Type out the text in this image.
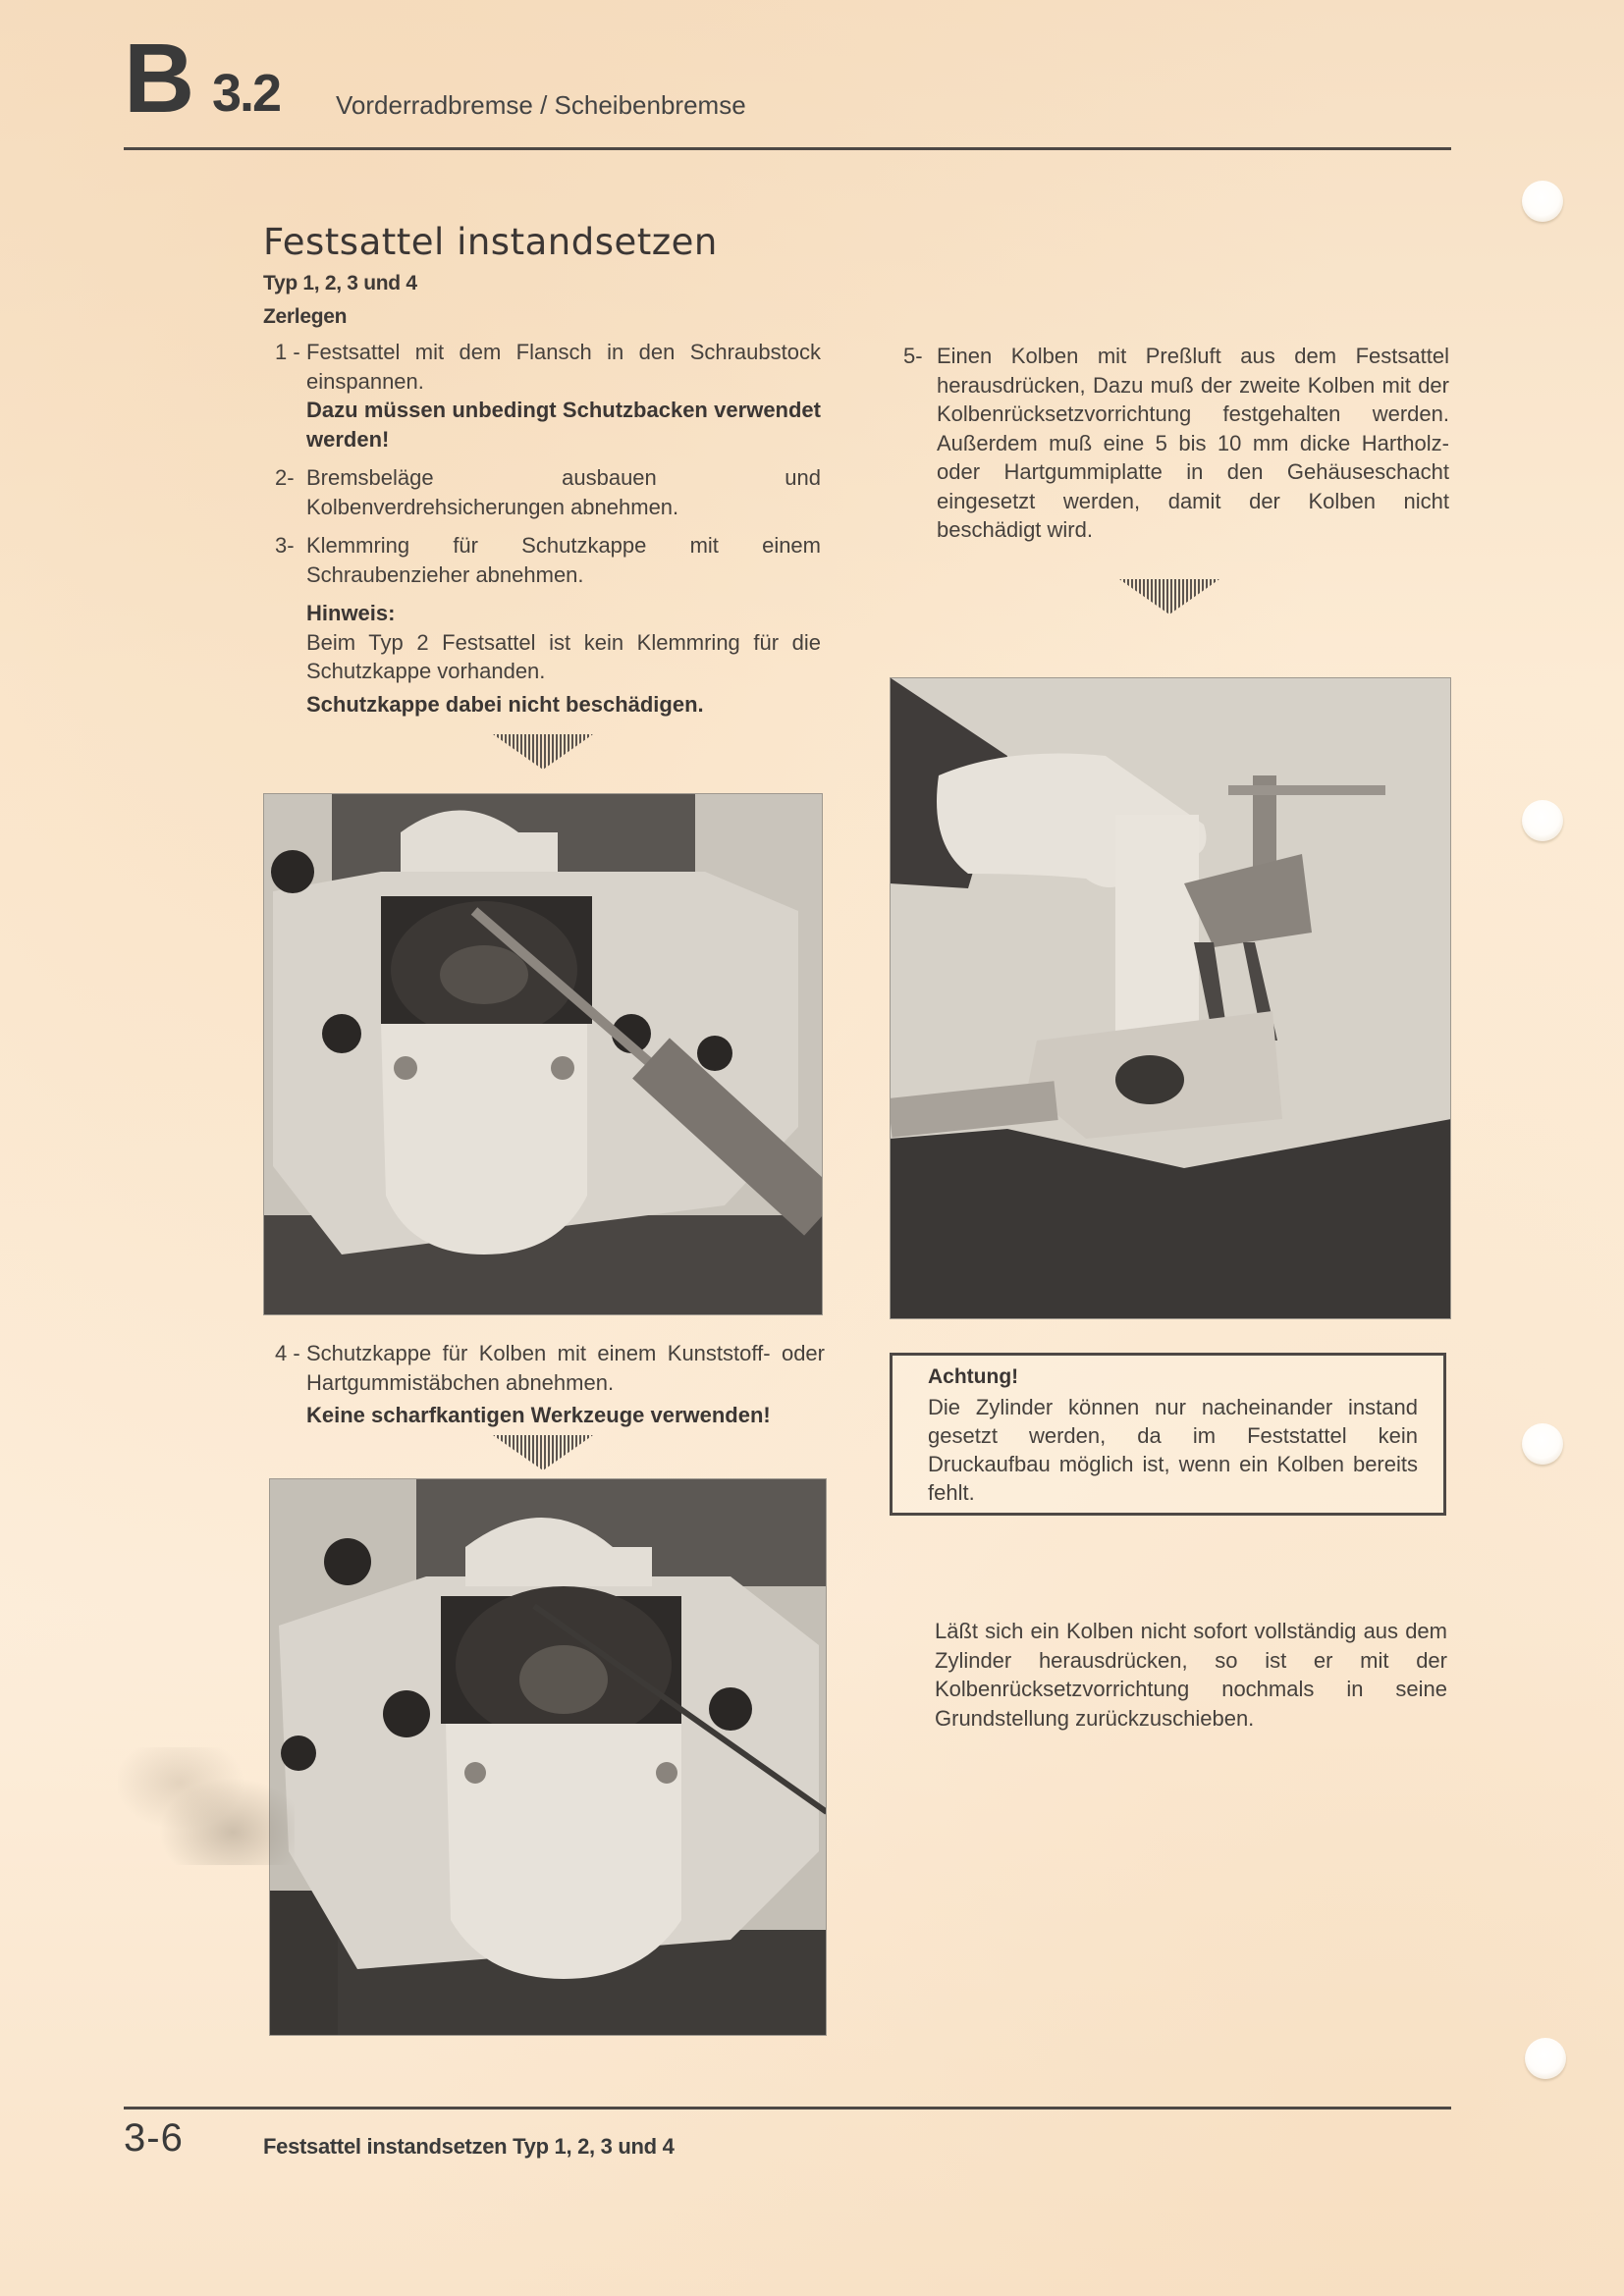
B 3.2 Vorderradbremse / Scheibenbremse
Festsattel instandsetzen
Typ 1, 2, 3 und 4
Zerlegen
1 - Festsattel mit dem Flansch in den Schraubstock einspannen.
Dazu müssen unbedingt Schutzbacken verwendet werden!
2- Bremsbeläge ausbauen und Kolbenverdrehsicherungen abnehmen.
3- Klemmring für Schutzkappe mit einem Schraubenzieher abnehmen.
Hinweis:
Beim Typ 2 Festsattel ist kein Klemmring für die Schutzkappe vorhanden.
Schutzkappe dabei nicht beschädigen.
4 - Schutzkappe für Kolben mit einem Kunststoff- oder Hartgummistäbchen abnehmen.
Keine scharfkantigen Werkzeuge verwenden!
5- Einen Kolben mit Preßluft aus dem Festsattel herausdrücken, Dazu muß der zweite Kolben mit der Kolbenrücksetzvorrichtung festgehalten werden. Außerdem muß eine 5 bis 10 mm dicke Hartholz- oder Hartgummiplatte in den Gehäuseschacht eingesetzt werden, damit der Kolben nicht beschädigt wird.
Achtung!
Die Zylinder können nur nacheinander instand gesetzt werden, da im Feststattel kein Druckaufbau möglich ist, wenn ein Kolben bereits fehlt.
Läßt sich ein Kolben nicht sofort vollständig aus dem Zylinder herausdrücken, so ist er mit der Kolbenrücksetzvorrichtung nochmals in seine Grundstellung zurückzuschieben.
3-6	Festsattel instandsetzen Typ 1, 2, 3 und 4
